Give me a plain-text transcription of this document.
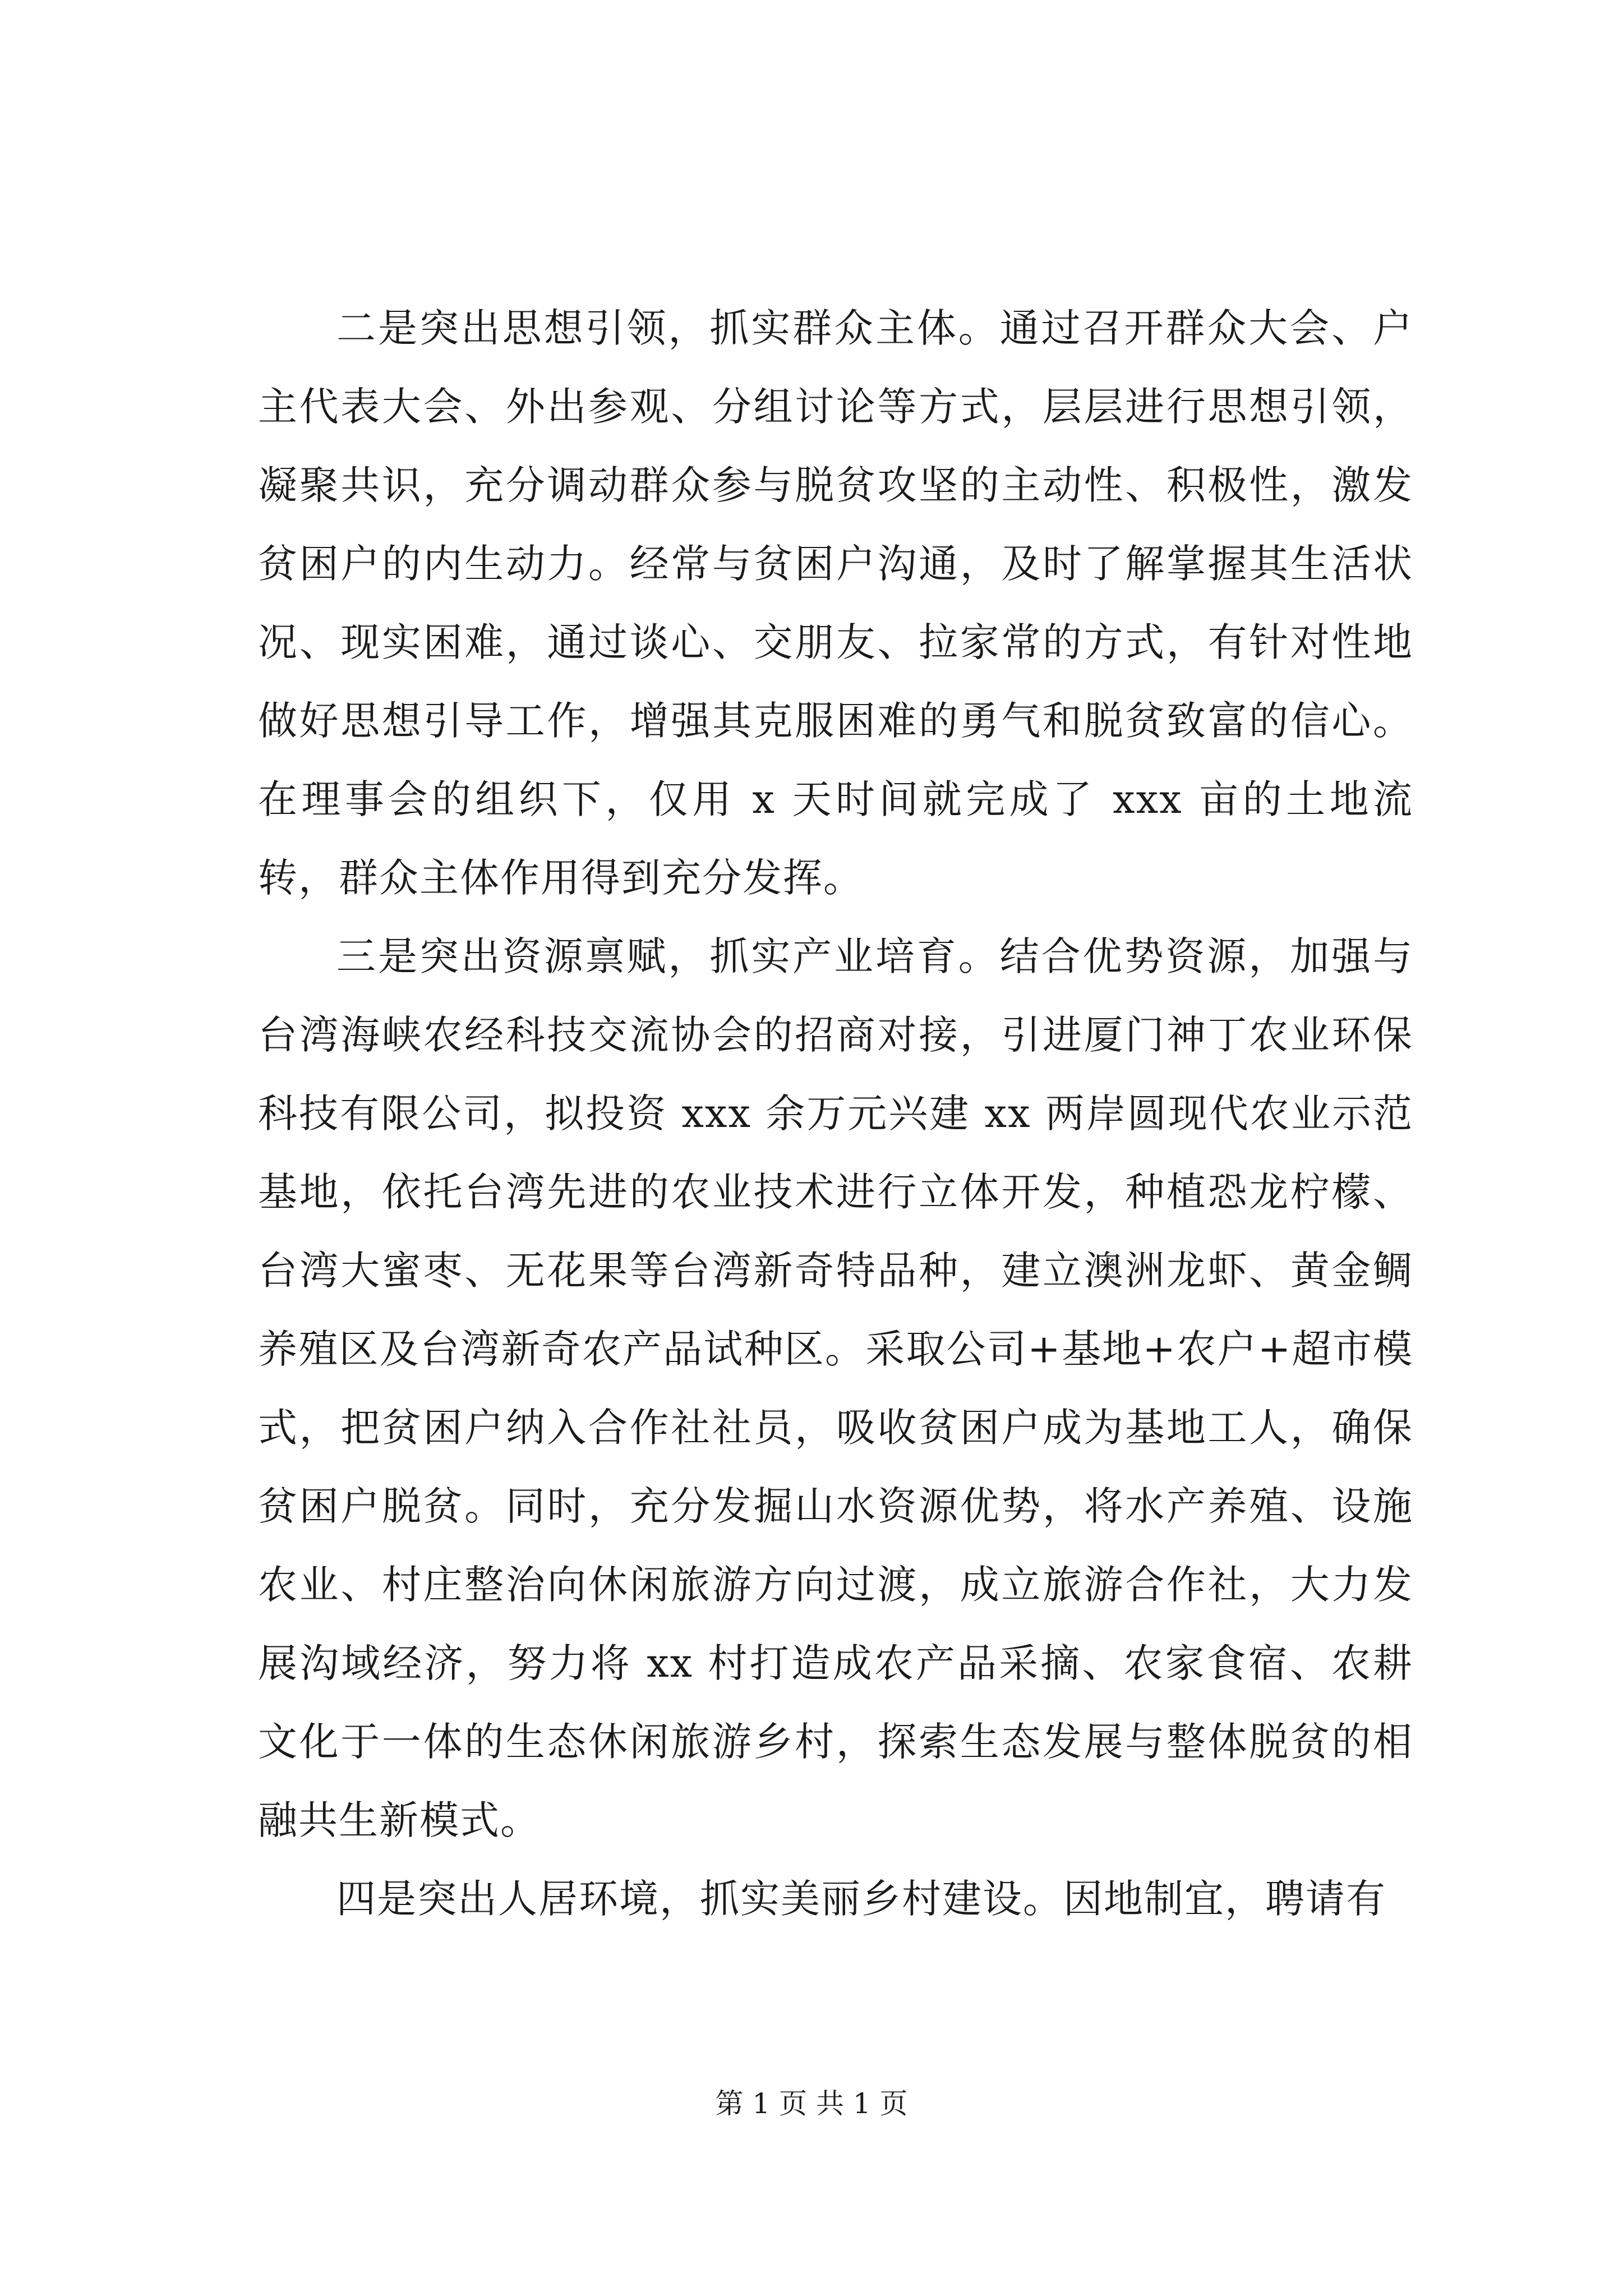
二是突出思想引领，抓实群众主体。通过召开群众大会、户主代表大会、外出参观、分组讨论等方式，层层进行思想引领，凝聚共识，充分调动群众参与脱贫攻坚的主动性、积极性，激发贫困户的内生动力。经常与贫困户沟通，及时了解掌握其生活状况、现实困难，通过谈心、交朋友、拉家常的方式，有针对性地做好思想引导工作，增强其克服困难的勇气和脱贫致富的信心。在理事会的组织下，仅用 x 天时间就完成了 xxx 亩的土地流转，群众主体作用得到充分发挥。

三是突出资源禀赋，抓实产业培育。结合优势资源，加强与台湾海峡农经科技交流协会的招商对接，引进厦门神丁农业环保科技有限公司，拟投资 xxx 余万元兴建 xx 两岸圆现代农业示范基地，依托台湾先进的农业技术进行立体开发，种植恐龙柠檬、台湾大蜜枣、无花果等台湾新奇特品种，建立澳洲龙虾、黄金鲷养殖区及台湾新奇农产品试种区。采取公司+基地+农户+超市模式，把贫困户纳入合作社社员，吸收贫困户成为基地工人，确保贫困户脱贫。同时，充分发掘山水资源优势，将水产养殖、设施农业、村庄整治向休闲旅游方向过渡，成立旅游合作社，大力发展沟域经济，努力将 xx 村打造成农产品采摘、农家食宿、农耕文化于一体的生态休闲旅游乡村，探索生态发展与整体脱贫的相融共生新模式。

四是突出人居环境，抓实美丽乡村建设。因地制宜，聘请有

第 1 页 共 1 页
